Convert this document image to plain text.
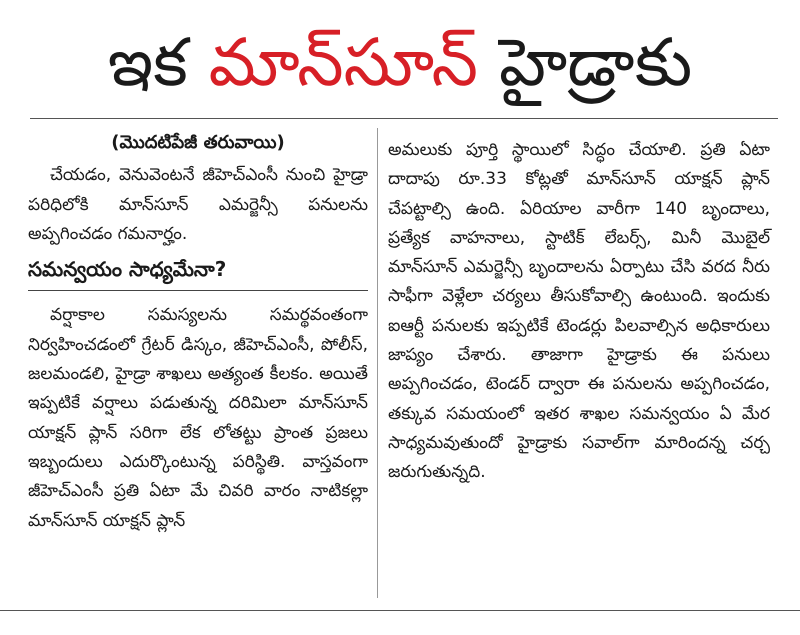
ఇక మాన్‌సూన్ హైడ్రాకు
(మొదటిపేజీ తరువాయి)

చేయడం, వెనువెంటనే జీహెచ్‌ఎంసీ నుంచి హైడ్రా పరిధిలోకి మాన్‌సూన్ ఎమర్జెన్సీ పనులను అప్పగించడం గమనార్హం.

సమన్వయం సాధ్యమేనా?

వర్షాకాల సమస్యలను సమర్థవంతంగా నిర్వహించడంలో గ్రేటర్ డిస్కం, జీహెచ్‌ఎంసీ, పోలీస్, జలమండలి, హైడ్రా శాఖలు అత్యంత కీలకం. అయితే ఇప్పటికే వర్షాలు పడుతున్న దరిమిలా మాన్‌సూన్ యాక్షన్ ప్లాన్ సరిగా లేక లోతట్టు ప్రాంత ప్రజలు ఇబ్బందులు ఎదుర్కొంటున్న పరిస్థితి. వాస్తవంగా జీహెచ్‌ఎంసీ ప్రతి ఏటా మే చివరి వారం నాటికల్లా మాన్‌సూన్ యాక్షన్ ప్లాన్

అమలుకు పూర్తి స్థాయిలో సిద్ధం చేయాలి. ప్రతి ఏటా దాదాపు రూ.33 కోట్లతో మాన్‌సూన్ యాక్షన్ ప్లాన్ చేపట్టాల్సి ఉంది. ఏరియాల వారీగా 140 బృందాలు, ప్రత్యేక వాహనాలు, స్టాటిక్ లేబర్స్, మినీ మొబైల్ మాన్‌సూన్ ఎమర్జెన్సీ బృందాలను ఏర్పాటు చేసి వరద నీరు సాఫీగా వెళ్లేలా చర్యలు తీసుకోవాల్సి ఉంటుంది. ఇందుకు ఐఆర్టీ పనులకు ఇప్పటికే టెండర్లు పిలవాల్సిన అధికారులు జాప్యం చేశారు. తాజాగా హైడ్రాకు ఈ పనులు అప్పగించడం, టెండర్ ద్వారా ఈ పనులను అప్పగించడం, తక్కువ సమయంలో ఇతర శాఖల సమన్వయం ఏ మేర సాధ్యమవుతుందో హైడ్రాకు సవాల్‌గా మారిందన్న చర్చ జరుగుతున్నది.
